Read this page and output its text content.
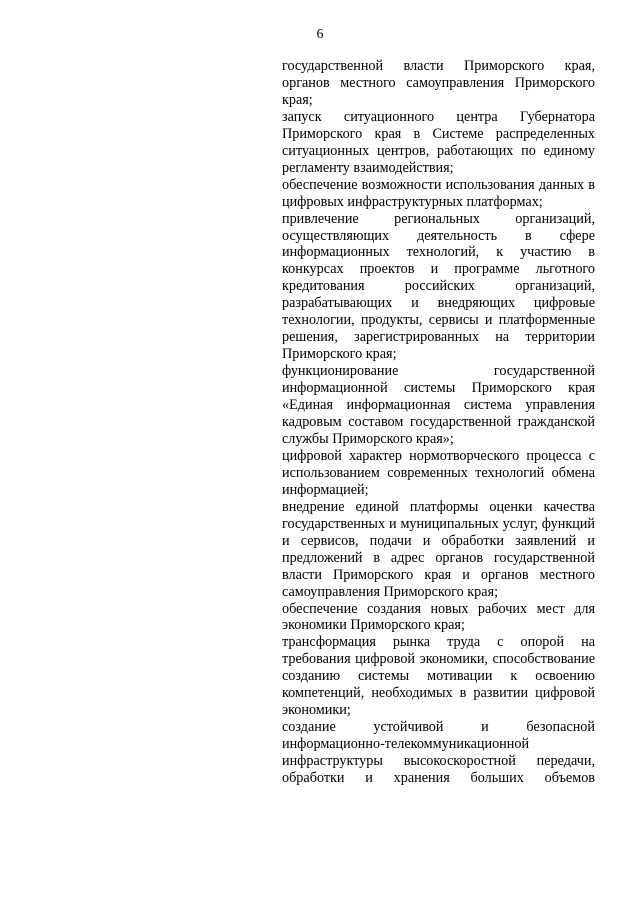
6

государственной власти Приморского края, органов местного самоуправления Приморского края;

запуск ситуационного центра Губернатора Приморского края в Системе распределенных ситуационных центров, работающих по единому регламенту взаимодействия;

обеспечение возможности использования данных в цифровых инфраструктурных платформах;

привлечение региональных организаций, осуществляющих деятельность в сфере информационных технологий, к участию в конкурсах проектов и программе льготного кредитования российских организаций, разрабатывающих и внедряющих цифровые технологии, продукты, сервисы и платформенные решения, зарегистрированных на территории Приморского края;

функционирование государственной информационной системы Приморского края «Единая информационная система управления кадровым составом государственной гражданской службы Приморского края»;

цифровой характер нормотворческого процесса с использованием современных технологий обмена информацией;

внедрение единой платформы оценки качества государственных и муниципальных услуг, функций и сервисов, подачи и обработки заявлений и предложений в адрес органов государственной власти Приморского края и органов местного самоуправления Приморского края;

обеспечение создания новых рабочих мест для экономики Приморского края;

трансформация рынка труда с опорой на требования цифровой экономики, способствование созданию системы мотивации к освоению компетенций, необходимых в развитии цифровой экономики;

создание устойчивой и безопасной информационно-телекоммуникационной инфраструктуры высокоскоростной передачи, обработки и хранения больших объемов
